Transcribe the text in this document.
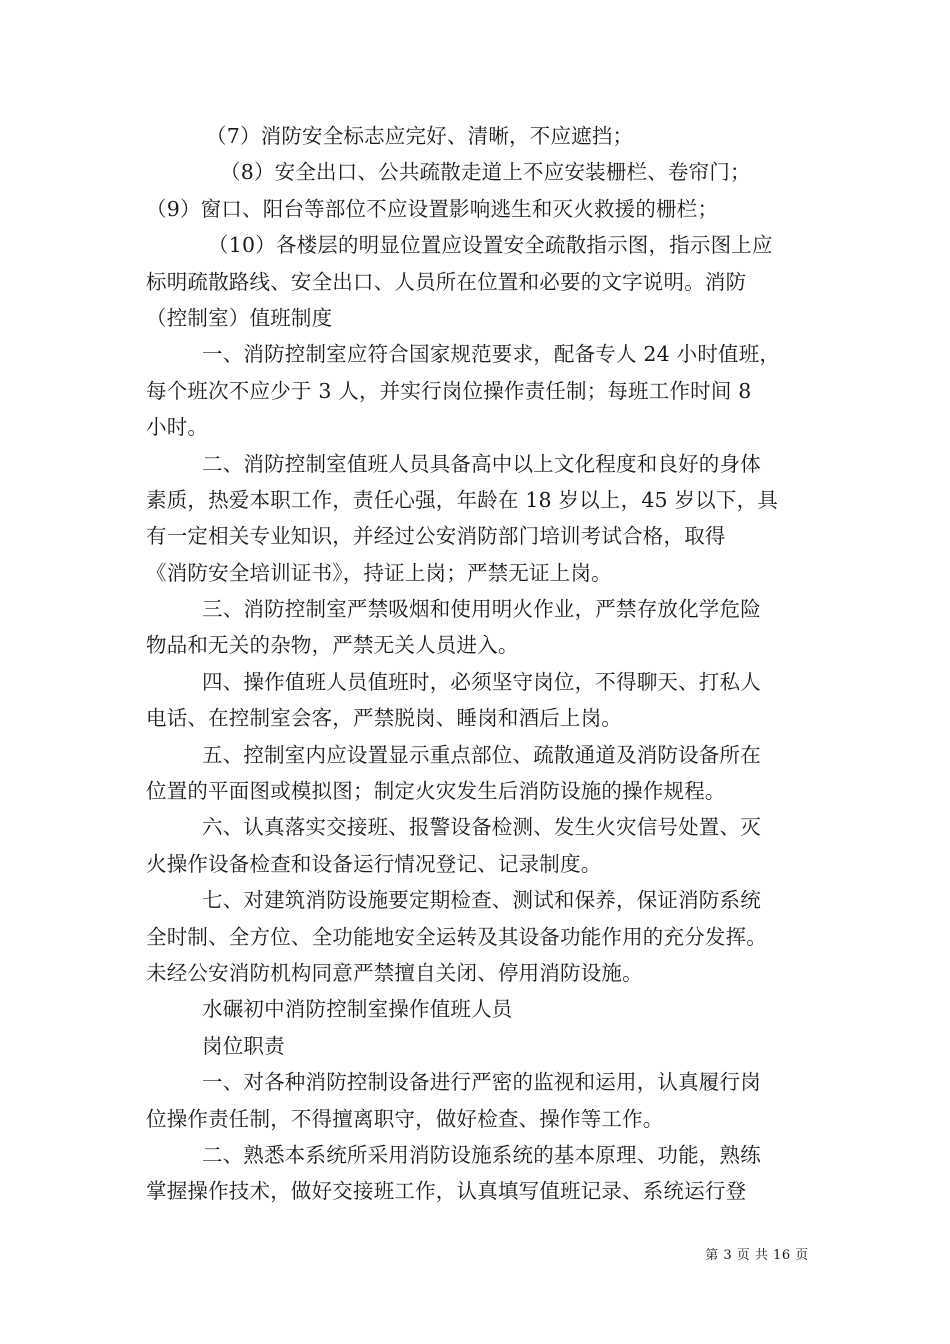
（7）消防安全标志应完好、清晰，不应遮挡；
（8）安全出口、公共疏散走道上不应安装栅栏、卷帘门；
（9）窗口、阳台等部位不应设置影响逃生和灭火救援的栅栏；
（10）各楼层的明显位置应设置安全疏散指示图，指示图上应
标明疏散路线、安全出口、人员所在位置和必要的文字说明。消防
（控制室）值班制度
一、消防控制室应符合国家规范要求，配备专人 24 小时值班，
每个班次不应少于 3 人，并实行岗位操作责任制；每班工作时间 8
小时。
二、消防控制室值班人员具备高中以上文化程度和良好的身体
素质，热爱本职工作，责任心强，年龄在 18 岁以上，45 岁以下，具
有一定相关专业知识，并经过公安消防部门培训考试合格，取得
《消防安全培训证书》，持证上岗；严禁无证上岗。
三、消防控制室严禁吸烟和使用明火作业，严禁存放化学危险
物品和无关的杂物，严禁无关人员进入。
四、操作值班人员值班时，必须坚守岗位，不得聊天、打私人
电话、在控制室会客，严禁脱岗、睡岗和酒后上岗。
五、控制室内应设置显示重点部位、疏散通道及消防设备所在
位置的平面图或模拟图；制定火灾发生后消防设施的操作规程。
六、认真落实交接班、报警设备检测、发生火灾信号处置、灭
火操作设备检查和设备运行情况登记、记录制度。
七、对建筑消防设施要定期检查、测试和保养，保证消防系统
全时制、全方位、全功能地安全运转及其设备功能作用的充分发挥。
未经公安消防机构同意严禁擅自关闭、停用消防设施。
水碾初中消防控制室操作值班人员
岗位职责
一、对各种消防控制设备进行严密的监视和运用，认真履行岗
位操作责任制，不得擅离职守，做好检查、操作等工作。
二、熟悉本系统所采用消防设施系统的基本原理、功能，熟练
掌握操作技术，做好交接班工作，认真填写值班记录、系统运行登
第 3 页 共 16 页
